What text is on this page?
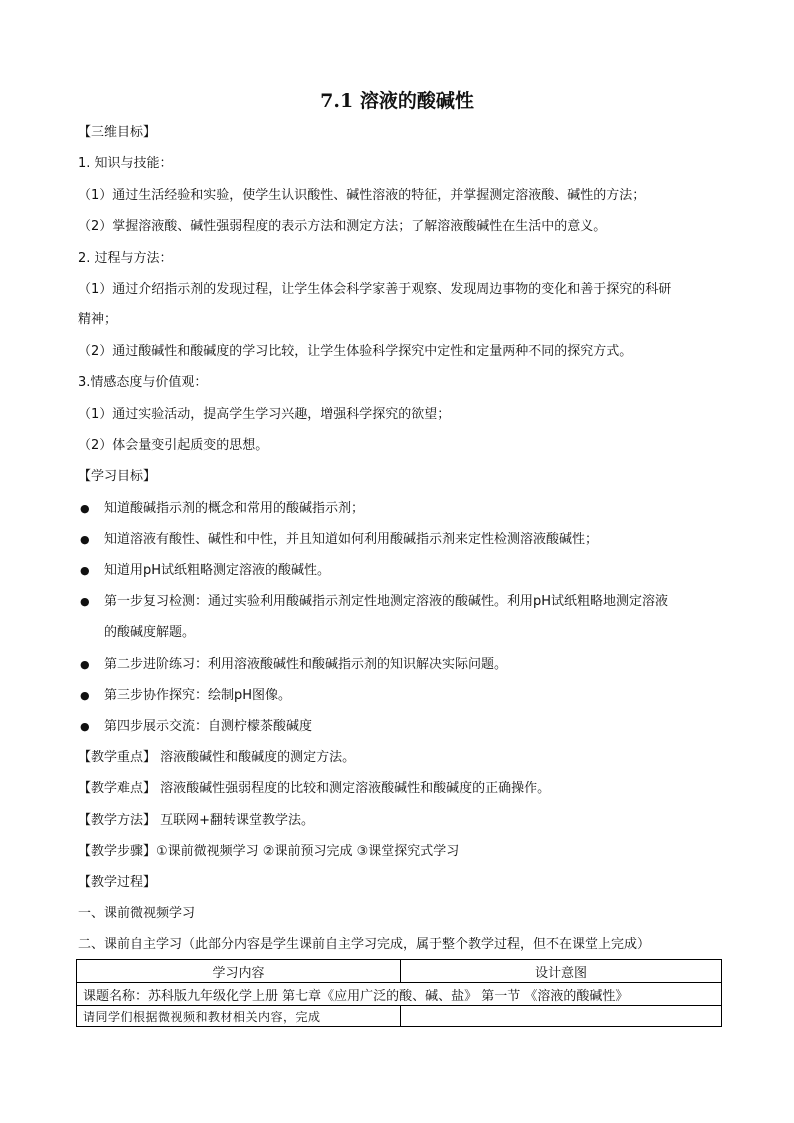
7.1 溶液的酸碱性
【三维目标】
1. 知识与技能：
（1）通过生活经验和实验，使学生认识酸性、碱性溶液的特征，并掌握测定溶液酸、碱性的方法；
（2）掌握溶液酸、碱性强弱程度的表示方法和测定方法；了解溶液酸碱性在生活中的意义。
2. 过程与方法：
（1）通过介绍指示剂的发现过程，让学生体会科学家善于观察、发现周边事物的变化和善于探究的科研
精神；
（2）通过酸碱性和酸碱度的学习比较，让学生体验科学探究中定性和定量两种不同的探究方式。
3.情感态度与价值观：
（1）通过实验活动，提高学生学习兴趣，增强科学探究的欲望；
（2）体会量变引起质变的思想。
【学习目标】
● 知道酸碱指示剂的概念和常用的酸碱指示剂；
● 知道溶液有酸性、碱性和中性，并且知道如何利用酸碱指示剂来定性检测溶液酸碱性；
● 知道用pH试纸粗略测定溶液的酸碱性。
● 第一步复习检测：通过实验利用酸碱指示剂定性地测定溶液的酸碱性。利用pH试纸粗略地测定溶液
的酸碱度解题。
● 第二步进阶练习：利用溶液酸碱性和酸碱指示剂的知识解决实际问题。
● 第三步协作探究：绘制pH图像。
● 第四步展示交流：自测柠檬茶酸碱度
【教学重点】 溶液酸碱性和酸碱度的测定方法。
【教学难点】 溶液酸碱性强弱程度的比较和测定溶液酸碱性和酸碱度的正确操作。
【教学方法】 互联网+翻转课堂教学法。
【教学步骤】①课前微视频学习 ②课前预习完成 ③课堂探究式学习
【教学过程】
一、课前微视频学习
二、课前自主学习（此部分内容是学生课前自主学习完成，属于整个教学过程，但不在课堂上完成）
学习内容	设计意图
课题名称：苏科版九年级化学上册 第七章《应用广泛的酸、碱、盐》 第一节 《溶液的酸碱性》	
请同学们根据微视频和教材相关内容，完成	
